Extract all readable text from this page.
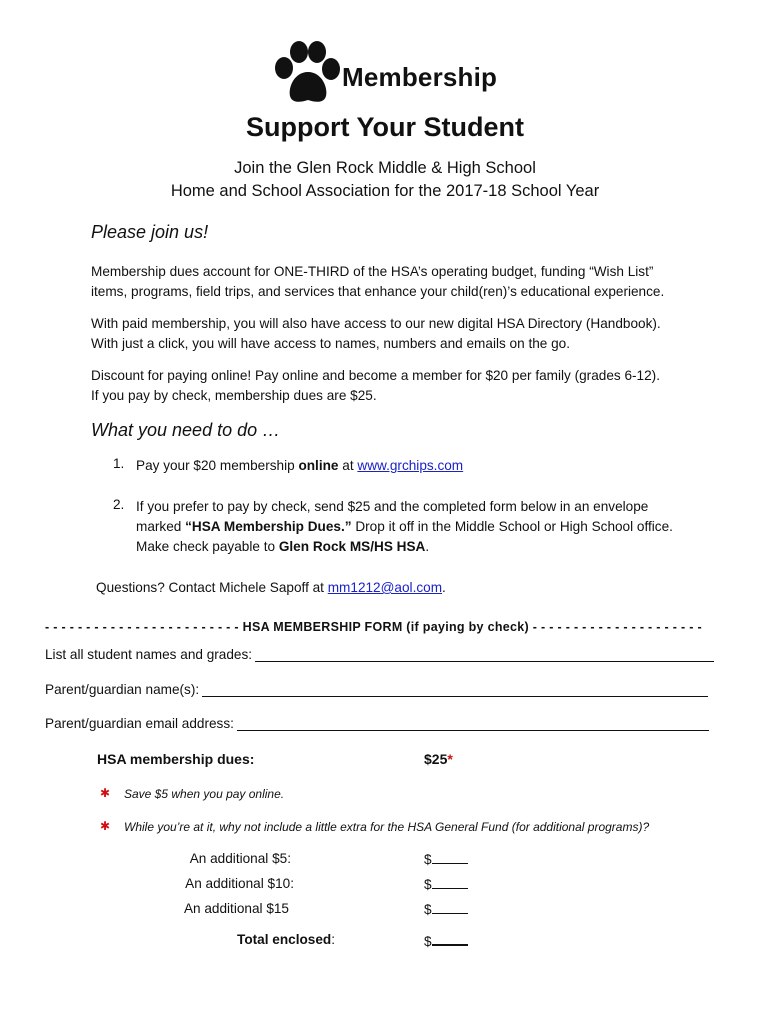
Membership
Support Your Student
Join the Glen Rock Middle & High School
Home and School Association for the 2017-18 School Year
Please join us!

Membership dues account for ONE-THIRD of the HSA’s operating budget, funding “Wish List”

items, programs, field trips, and services that enhance your child(ren)’s educational experience.

With paid membership, you will also have access to our new digital HSA Directory (Handbook).

With just a click, you will have access to names, numbers and emails on the go.

Discount for paying online! Pay online and become a member for $20 per family (grades 6-12).

If you pay by check, membership dues are $25.

What you need to do …
1. Pay your $20 membership online at www.grchips.com

2. If you prefer to pay by check, send $25 and the completed form below in an envelope

marked “HSA Membership Dues.” Drop it off in the Middle School or High School office.

Make check payable to Glen Rock MS/HS HSA.

Questions? Contact Michele Sapoff at mm1212@aol.com.
- - - - - - - - - - - - - - - - - - - - - - - - HSA MEMBERSHIP FORM (if paying by check) - - - - - - - - - - - - - - - - - - - - -
List all student names and grades:
Parent/guardian name(s):
Parent/guardian email address:
HSA membership dues:	$25*
✱ Save $5 when you pay online.
✱ While you’re at it, why not include a little extra for the HSA General Fund (for additional programs)?
An additional $5:	$
An additional $10:	$
An additional $15	$
Total enclosed:	$
